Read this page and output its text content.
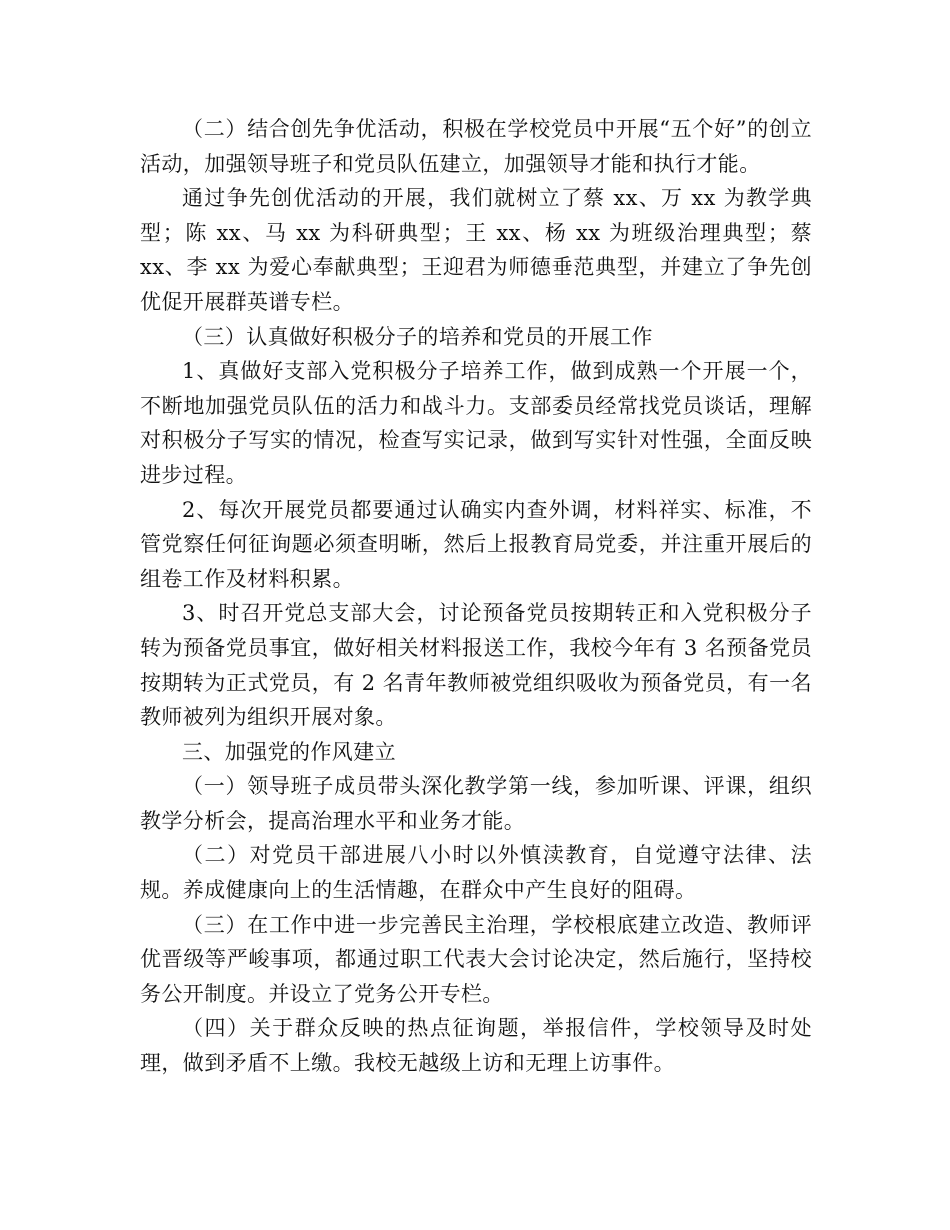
（二）结合创先争优活动，积极在学校党员中开展“五个好”的创立活动，加强领导班子和党员队伍建立，加强领导才能和执行才能。

通过争先创优活动的开展，我们就树立了蔡 xx、万 xx 为教学典型；陈 xx、马 xx 为科研典型；王 xx、杨 xx 为班级治理典型；蔡 xx、李 xx 为爱心奉献典型；王迎君为师德垂范典型，并建立了争先创优促开展群英谱专栏。

（三）认真做好积极分子的培养和党员的开展工作

1、真做好支部入党积极分子培养工作，做到成熟一个开展一个，不断地加强党员队伍的活力和战斗力。支部委员经常找党员谈话，理解对积极分子写实的情况，检查写实记录，做到写实针对性强，全面反映进步过程。

2、每次开展党员都要通过认确实内查外调，材料祥实、标准，不管党察任何征询题必须查明晰，然后上报教育局党委，并注重开展后的组卷工作及材料积累。

3、时召开党总支部大会，讨论预备党员按期转正和入党积极分子转为预备党员事宜，做好相关材料报送工作，我校今年有 3 名预备党员按期转为正式党员，有 2 名青年教师被党组织吸收为预备党员，有一名教师被列为组织开展对象。

三、加强党的作风建立

（一）领导班子成员带头深化教学第一线，参加听课、评课，组织教学分析会，提高治理水平和业务才能。

（二）对党员干部进展八小时以外慎渎教育，自觉遵守法律、法规。养成健康向上的生活情趣，在群众中产生良好的阻碍。

（三）在工作中进一步完善民主治理，学校根底建立改造、教师评优晋级等严峻事项，都通过职工代表大会讨论决定，然后施行，坚持校务公开制度。并设立了党务公开专栏。

（四）关于群众反映的热点征询题，举报信件，学校领导及时处理，做到矛盾不上缴。我校无越级上访和无理上访事件。
